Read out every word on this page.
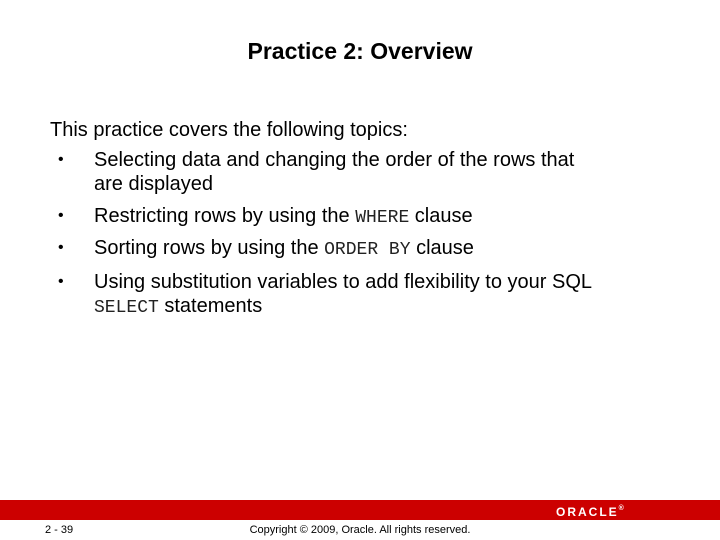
Practice 2: Overview
This practice covers the following topics:
• Selecting data and changing the order of the rows that are displayed
• Restricting rows by using the WHERE clause
• Sorting rows by using the ORDER BY clause
• Using substitution variables to add flexibility to your SQL SELECT statements
ORACLE®
2 - 39	Copyright © 2009, Oracle. All rights reserved.
